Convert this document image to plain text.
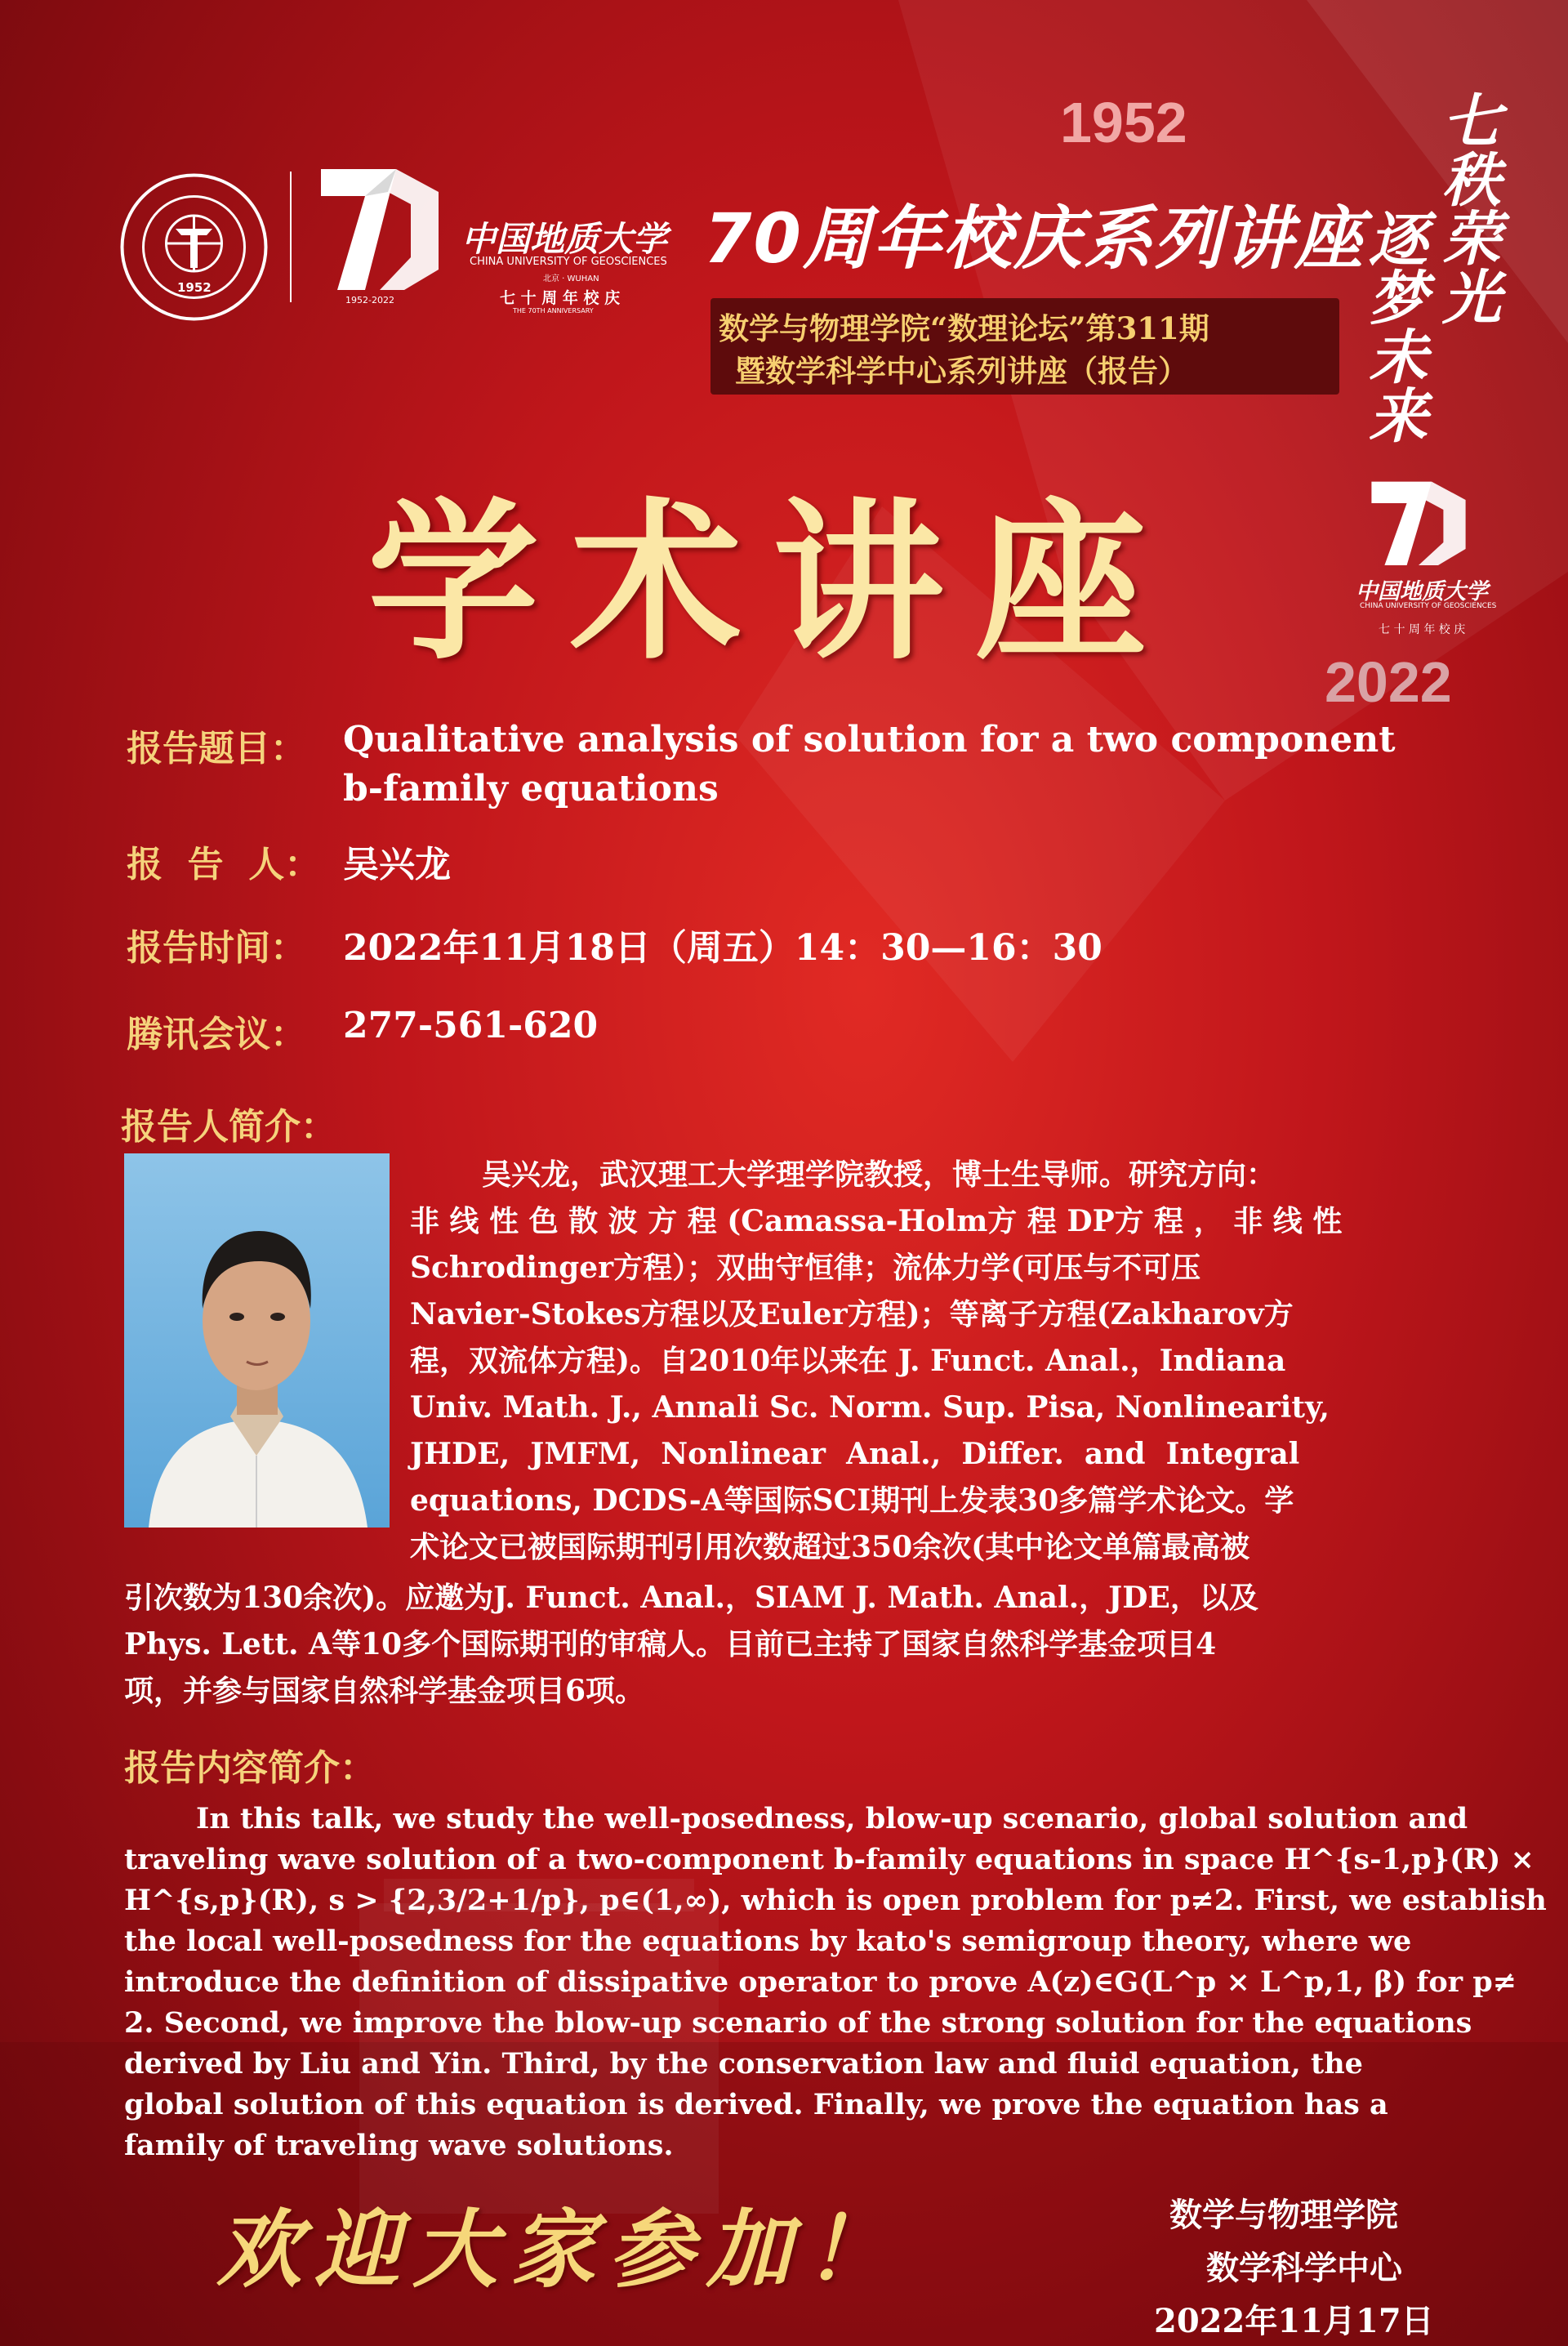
1952
70周年校庆系列讲座
数学与物理学院“数理论坛”第311期
暨数学科学中心系列讲座（报告）
学术讲座
七秩荣光
逐梦未来
2022
1952
1952-2022
中国地质大学
CHINA UNIVERSITY OF GEOSCIENCES
北京 · WUHAN
七 十 周 年 校 庆
THE 70TH ANNIVERSARY
中国地质大学
CHINA UNIVERSITY OF GEOSCIENCES
七 十 周 年 校 庆
报告题目： Qualitative analysis of solution for a two component
b-family equations
报  告  人： 吴兴龙
报告时间： 2022年11月18日（周五）14：30—16：30
腾讯会议： 277-561-620
报告人简介：
吴兴龙，武汉理工大学理学院教授，博士生导师。研究方向：
非 线 性 色 散 波 方 程 (Camassa-Holm方 程 DP方 程 ， 非 线 性
Schrodinger方程）；双曲守恒律；流体力学(可压与不可压
Navier-Stokes方程以及Euler方程)；等离子方程(Zakharov方
程，双流体方程)。自2010年以来在 J. Funct. Anal.，Indiana
Univ. Math. J., Annali Sc. Norm. Sup. Pisa, Nonlinearity,
JHDE,  JMFM,  Nonlinear  Anal.,  Differ.  and  Integral
equations, DCDS-A等国际SCI期刊上发表30多篇学术论文。学
术论文已被国际期刊引用次数超过350余次(其中论文单篇最高被
引次数为130余次)。应邀为J. Funct. Anal.，SIAM J. Math. Anal.，JDE，以及
Phys. Lett. A等10多个国际期刊的审稿人。目前已主持了国家自然科学基金项目4
项，并参与国家自然科学基金项目6项。
报告内容简介：
In this talk, we study the well-posedness, blow-up scenario, global solution and
traveling wave solution of a two-component b-family equations in space H^{s-1,p}(R) ×
H^{s,p}(R), s > {2,3/2+1/p}, p∈(1,∞), which is open problem for p≠2. First, we establish
the local well-posedness for the equations by kato's semigroup theory, where we
introduce the definition of dissipative operator to prove A(z)∈G(L^p × L^p,1, β) for p≠
2. Second, we improve the blow-up scenario of the strong solution for the equations
derived by Liu and Yin. Third, by the conservation law and fluid equation, the
global solution of this equation is derived. Finally, we prove the equation has a
family of traveling wave solutions.
欢迎大家参加！	数学与物理学院
数学科学中心
2022年11月17日
